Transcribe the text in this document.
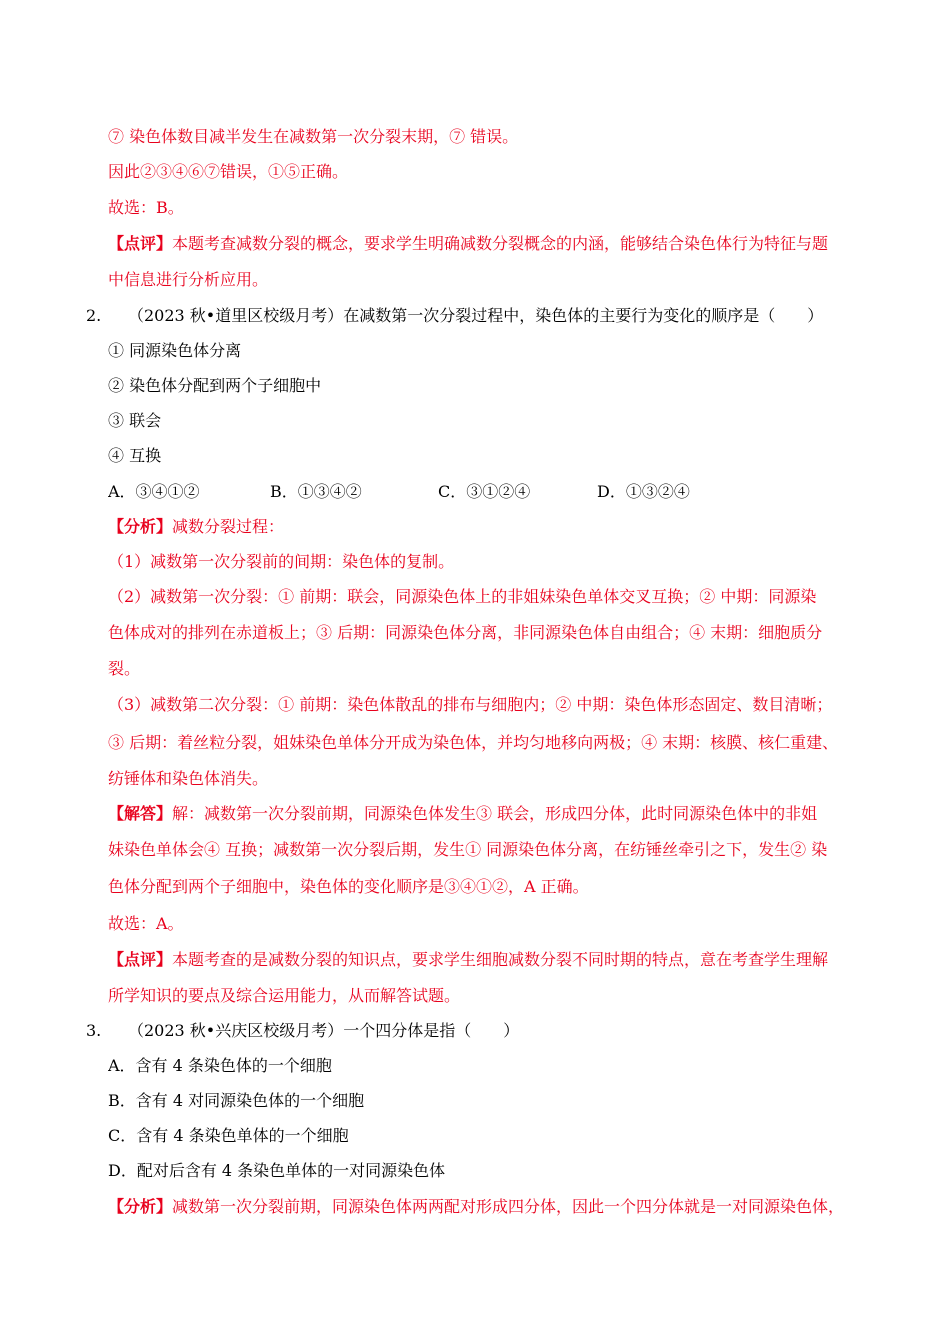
⑦ 染色体数目减半发生在减数第一次分裂末期，⑦ 错误。
因此②③④⑥⑦错误，①⑤正确。
故选：B。
【点评】本题考查减数分裂的概念，要求学生明确减数分裂概念的内涵，能够结合染色体行为特征与题
中信息进行分析应用。
2. （2023 秋•道里区校级月考）在减数第一次分裂过程中，染色体的主要行为变化的顺序是（　　）
① 同源染色体分离
② 染色体分配到两个子细胞中
③ 联会
④ 互换
A．③④①②	B．①③④②	C．③①②④	D．①③②④
【分析】减数分裂过程：
（1）减数第一次分裂前的间期：染色体的复制。
（2）减数第一次分裂：① 前期：联会，同源染色体上的非姐妹染色单体交叉互换；② 中期：同源染
色体成对的排列在赤道板上；③ 后期：同源染色体分离，非同源染色体自由组合；④ 末期：细胞质分
裂。
（3）减数第二次分裂：① 前期：染色体散乱的排布与细胞内；② 中期：染色体形态固定、数目清晰；
③ 后期：着丝粒分裂，姐妹染色单体分开成为染色体，并均匀地移向两极；④ 末期：核膜、核仁重建、
纺锤体和染色体消失。
【解答】解：减数第一次分裂前期，同源染色体发生③ 联会，形成四分体，此时同源染色体中的非姐
妹染色单体会④ 互换；减数第一次分裂后期，发生① 同源染色体分离，在纺锤丝牵引之下，发生② 染
色体分配到两个子细胞中，染色体的变化顺序是③④①②，A 正确。
故选：A。
【点评】本题考查的是减数分裂的知识点，要求学生细胞减数分裂不同时期的特点，意在考查学生理解
所学知识的要点及综合运用能力，从而解答试题。
3. （2023 秋•兴庆区校级月考）一个四分体是指（　　）
A．含有 4 条染色体的一个细胞
B．含有 4 对同源染色体的一个细胞
C．含有 4 条染色单体的一个细胞
D．配对后含有 4 条染色单体的一对同源染色体
【分析】减数第一次分裂前期，同源染色体两两配对形成四分体，因此一个四分体就是一对同源染色体，
